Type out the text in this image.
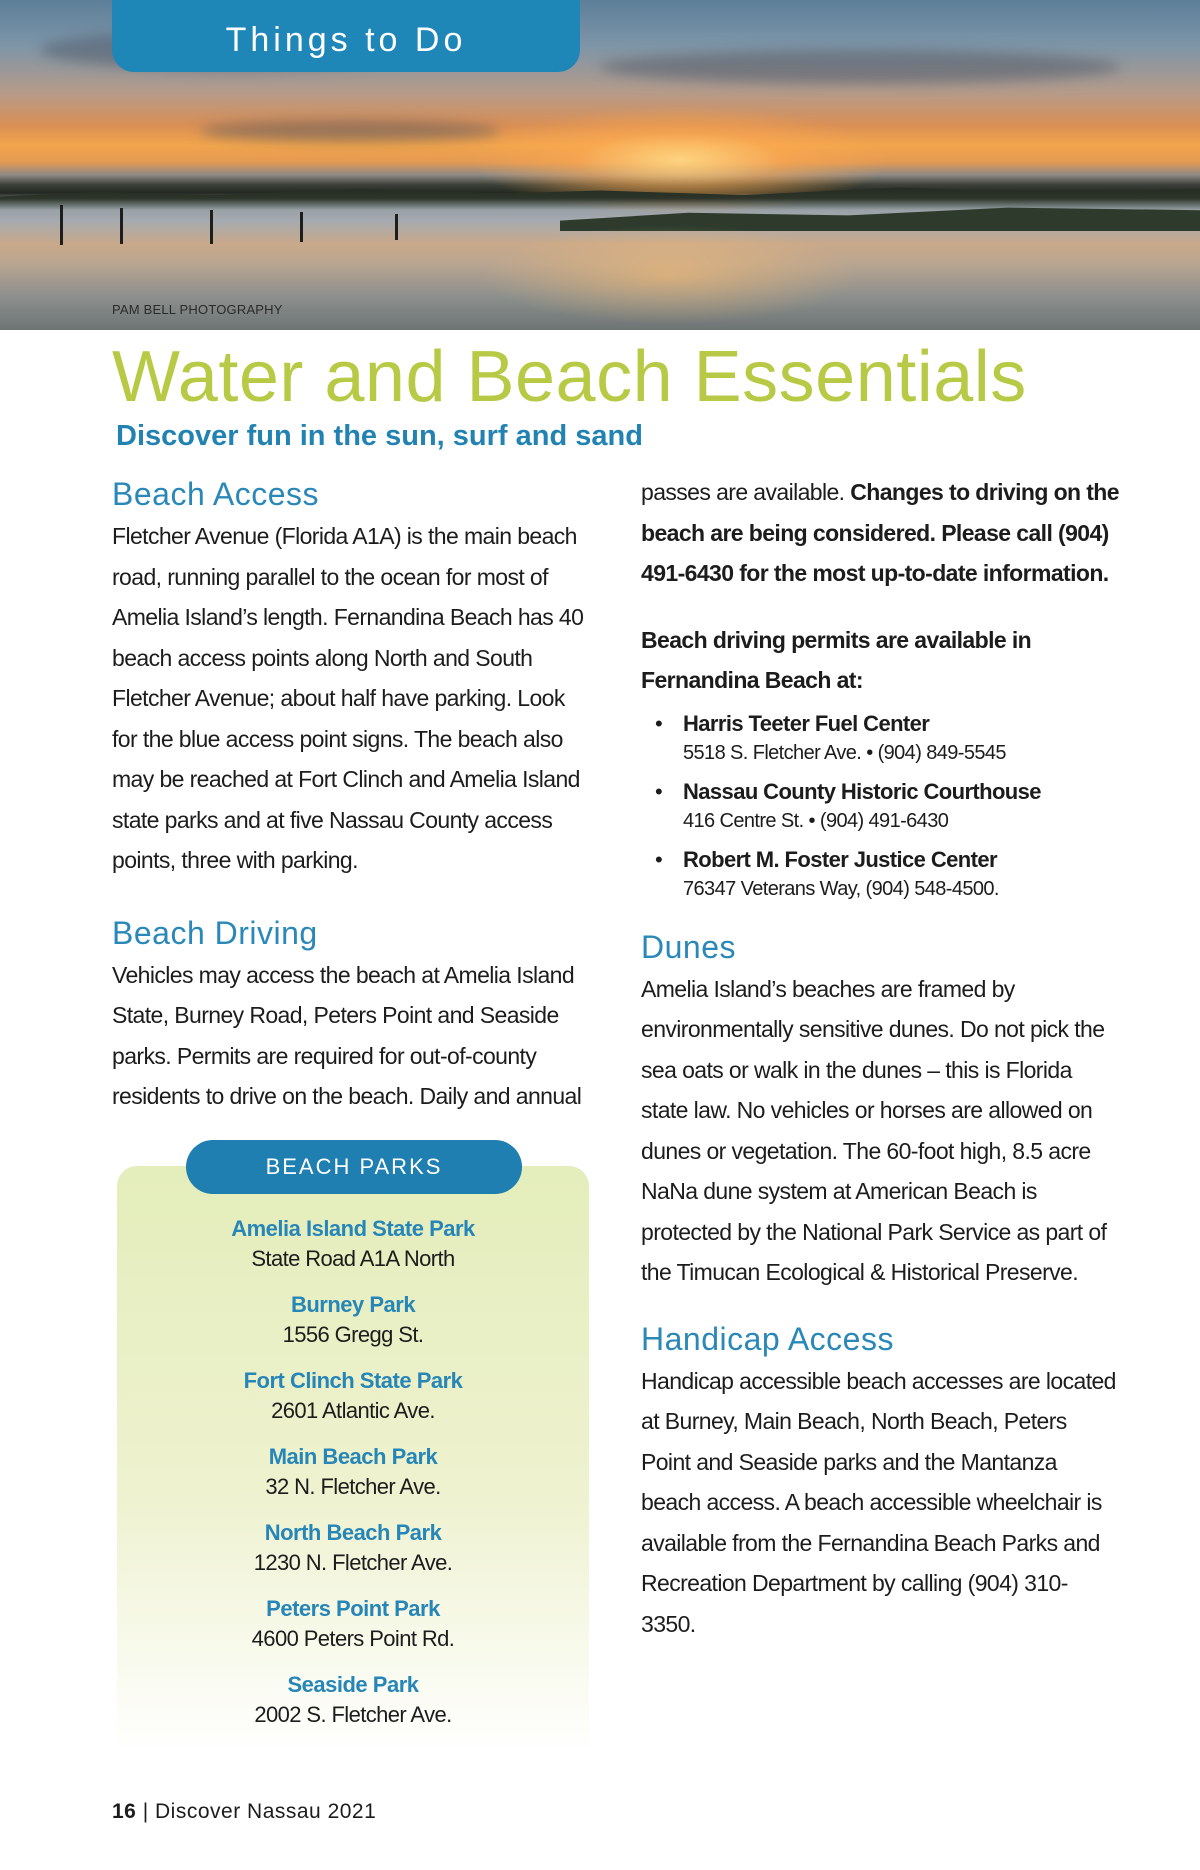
Things to Do
PAM BELL PHOTOGRAPHY
Water and Beach Essentials
Discover fun in the sun, surf and sand
Beach Access

Fletcher Avenue (Florida A1A) is the main beach road, running parallel to the ocean for most of Amelia Island’s length. Fernandina Beach has 40 beach access points along North and South Fletcher Avenue; about half have parking. Look for the blue access point signs. The beach also may be reached at Fort Clinch and Amelia Island state parks and at five Nassau County access points, three with parking.

Beach Driving

Vehicles may access the beach at Amelia Island State, Burney Road, Peters Point and Seaside parks. Permits are required for out-of-county residents to drive on the beach. Daily and annual

BEACH PARKS
Amelia Island State Park
State Road A1A North
Burney Park
1556 Gregg St.
Fort Clinch State Park
2601 Atlantic Ave.
Main Beach Park
32 N. Fletcher Ave.
North Beach Park
1230 N. Fletcher Ave.
Peters Point Park
4600 Peters Point Rd.
Seaside Park
2002 S. Fletcher Ave.

passes are available. Changes to driving on the beach are being considered. Please call (904) 491-6430 for the most up-to-date information.

Beach driving permits are available in Fernandina Beach at:

• Harris Teeter Fuel Center
5518 S. Fletcher Ave. • (904) 849-5545
• Nassau County Historic Courthouse
416 Centre St. • (904) 491-6430
• Robert M. Foster Justice Center
76347 Veterans Way, (904) 548-4500.
Dunes

Amelia Island’s beaches are framed by environmentally sensitive dunes. Do not pick the sea oats or walk in the dunes – this is Florida state law. No vehicles or horses are allowed on dunes or vegetation. The 60-foot high, 8.5 acre NaNa dune system at American Beach is protected by the National Park Service as part of the Timucan Ecological & Historical Preserve.

Handicap Access

Handicap accessible beach accesses are located at Burney, Main Beach, North Beach, Peters Point and Seaside parks and the Mantanza beach access. A beach accessible wheelchair is available from the Fernandina Beach Parks and Recreation Department by calling (904) 310-3350.

16 | Discover Nassau 2021
